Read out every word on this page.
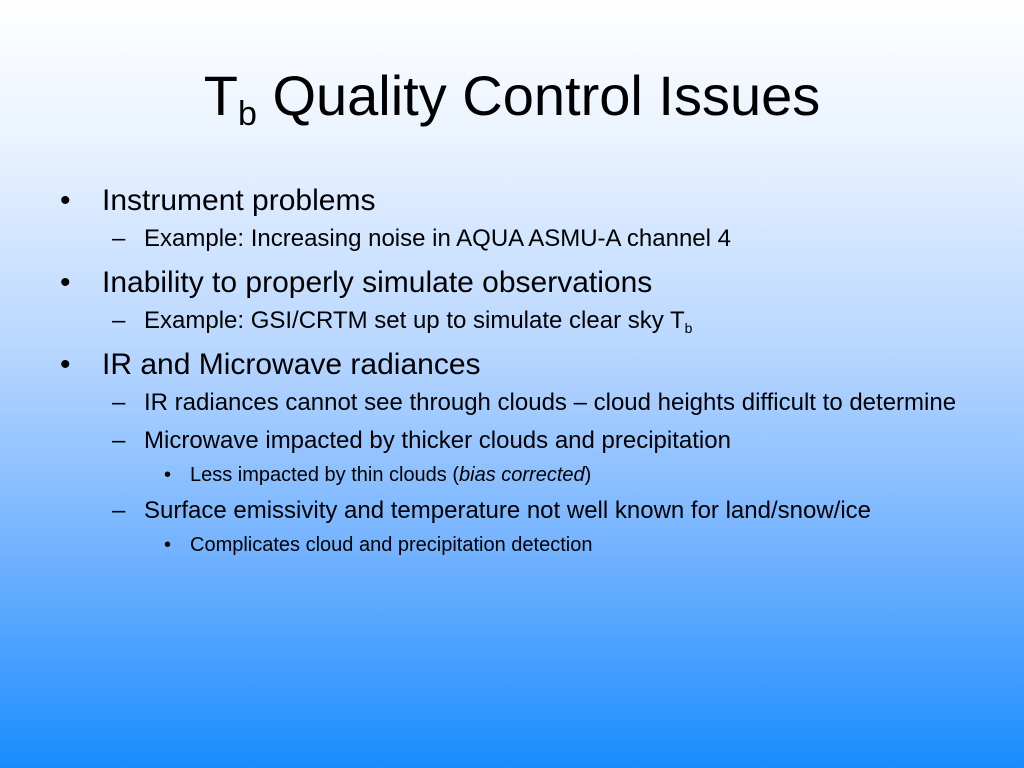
$T_b$ Quality Control Issues
•	Instrument problems
– Example: Increasing noise in AQUA ASMU-A channel 4
•	Inability to properly simulate observations
– Example: GSI/CRTM set up to simulate clear sky $T_b$
•	IR and Microwave radiances
– IR radiances cannot see through clouds – cloud heights difficult to determine
– Microwave impacted by thicker clouds and precipitation
• Less impacted by thin clouds (bias corrected)
– Surface emissivity and temperature not well known for land/snow/ice
• Complicates cloud and precipitation detection
